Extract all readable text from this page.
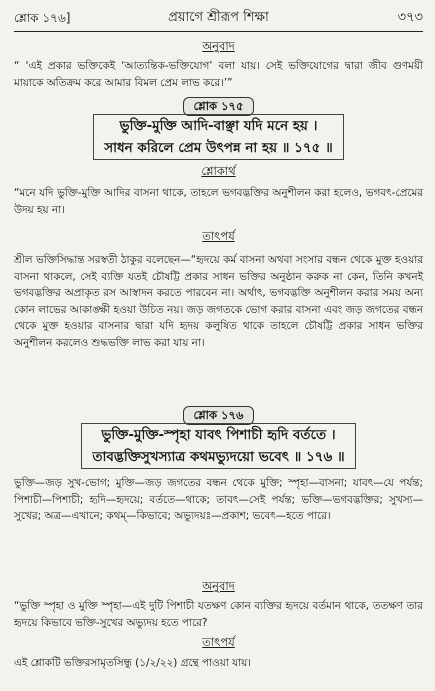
শ্লোক ১৭৬]	প্রয়াগে শ্রীরূপ শিক্ষা	৩৭৩
অনুবাদ
“ ‘এই প্রকার ভক্তিকেই ‘আত্যন্তিক-ভক্তিযোগ’ বলা যায়। সেই ভক্তিযোগের দ্বারা জীব গুণময়ী মায়াকে অতিক্রম করে আমার বিমল প্রেম লাভ করে।’”
শ্লোক ১৭৫
ভুক্তি-মুক্তি আদি-বাঞ্ছা যদি মনে হয় ।
সাধন করিলে প্রেম উৎপন্ন না হয় ॥ ১৭৫ ॥
শ্লোকার্থ
“মনে যদি ভুক্তি-মুক্তি আদির বাসনা থাকে, তাহলে ভগবদ্ভক্তির অনুশীলন করা হলেও, ভগবৎ-প্রেমের উদয় হয় না।
তাৎপর্য
শ্রীল ভক্তিসিদ্ধান্ত সরস্বতী ঠাকুর বলেছেন—“হৃদয়ে কর্ম বাসনা অথবা সংসার বন্ধন থেকে মুক্ত হওয়ার বাসনা থাকলে, সেই ব্যক্তি যতই চৌষট্টি প্রকার সাধন ভক্তির অনুষ্ঠান করুক না কেন, তিনি কখনই ভগবদ্ভক্তির অপ্রাকৃত রস আস্বাদন করতে পারবেন না। অর্থাৎ, ভগবদ্ভক্তি অনুশীলন করার সময় অন্য কোন লাভের আকাঙ্ক্ষী হওয়া উচিত নয়। জড় জগতকে ভোগ করার বাসনা এবং জড় জগতের বন্ধন থেকে মুক্ত হওয়ার বাসনার দ্বারা যদি হৃদয় কলুষিত থাকে তাহলে চৌষট্টি প্রকার সাধন ভক্তির অনুশীলন করলেও শুদ্ধভক্তি লাভ করা যায় না।
শ্লোক ১৭৬
ভুক্তি-মুক্তি-স্পৃহা যাবৎ পিশাচী হৃদি বর্ততে ।
তাবদ্ভক্তিসুখস্যাত্র কথমভ্যুদয়ো ভবেৎ ॥ ১৭৬ ॥
ভুক্তি—জড় সুখ-ভোগ; মুক্তি—জড় জগতের বন্ধন থেকে মুক্তি; স্পৃহা—বাসনা; যাবৎ—যে পর্যন্ত; পিশাচী—পিশাচী; হৃদি—হৃদয়ে; বর্ততে—থাকে; তাবৎ—সেই পর্যন্ত; ভক্তি—ভগবদ্ভক্তির; সুখস্য—সুখের; অত্র—এখানে; কথম্—কিভাবে; অভ্যুদয়ঃ—প্রকাশ; ভবেৎ—হতে পারে।
অনুবাদ
“ভুক্তি স্পৃহা ও মুক্তি স্পৃহা—এই দুটি পিশাচী যতক্ষণ কোন ব্যক্তির হৃদয়ে বর্তমান থাকে, ততক্ষণ তার হৃদয়ে কিভাবে ভক্তি-সুখের অভ্যুদয় হতে পারে?
তাৎপর্য
এই শ্লোকটি ভক্তিরসামৃতসিন্ধু (১/২/২২) গ্রন্থে পাওয়া যায়।
